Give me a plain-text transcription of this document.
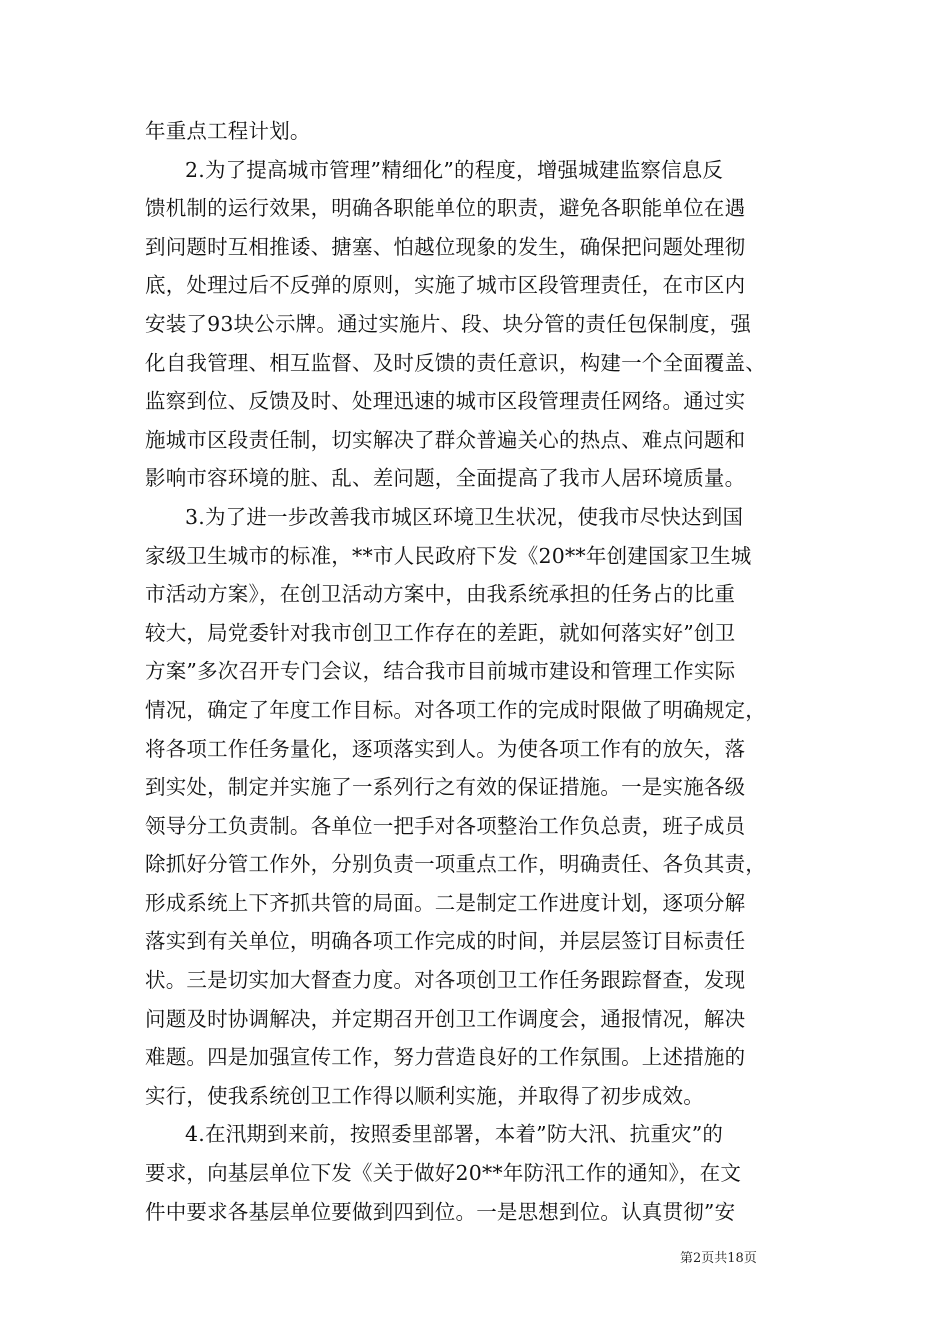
年重点工程计划。
2.为了提高城市管理”精细化”的程度，增强城建监察信息反
馈机制的运行效果，明确各职能单位的职责，避免各职能单位在遇
到问题时互相推诿、搪塞、怕越位现象的发生，确保把问题处理彻
底，处理过后不反弹的原则，实施了城市区段管理责任，在市区内
安装了93块公示牌。通过实施片、段、块分管的责任包保制度，强
化自我管理、相互监督、及时反馈的责任意识，构建一个全面覆盖、
监察到位、反馈及时、处理迅速的城市区段管理责任网络。通过实
施城市区段责任制，切实解决了群众普遍关心的热点、难点问题和
影响市容环境的脏、乱、差问题，全面提高了我市人居环境质量。
3.为了进一步改善我市城区环境卫生状况，使我市尽快达到国
家级卫生城市的标准，**市人民政府下发《20**年创建国家卫生城
市活动方案》，在创卫活动方案中，由我系统承担的任务占的比重
较大，局党委针对我市创卫工作存在的差距，就如何落实好”创卫
方案”多次召开专门会议，结合我市目前城市建设和管理工作实际
情况，确定了年度工作目标。对各项工作的完成时限做了明确规定，
将各项工作任务量化，逐项落实到人。为使各项工作有的放矢，落
到实处，制定并实施了一系列行之有效的保证措施。一是实施各级
领导分工负责制。各单位一把手对各项整治工作负总责，班子成员
除抓好分管工作外，分别负责一项重点工作，明确责任、各负其责，
形成系统上下齐抓共管的局面。二是制定工作进度计划，逐项分解
落实到有关单位，明确各项工作完成的时间，并层层签订目标责任
状。三是切实加大督查力度。对各项创卫工作任务跟踪督查，发现
问题及时协调解决，并定期召开创卫工作调度会，通报情况，解决
难题。四是加强宣传工作，努力营造良好的工作氛围。上述措施的
实行，使我系统创卫工作得以顺利实施，并取得了初步成效。
4.在汛期到来前，按照委里部署，本着”防大汛、抗重灾”的
要求，向基层单位下发《关于做好20**年防汛工作的通知》，在文
件中要求各基层单位要做到四到位。一是思想到位。认真贯彻”安
第2页共18页
